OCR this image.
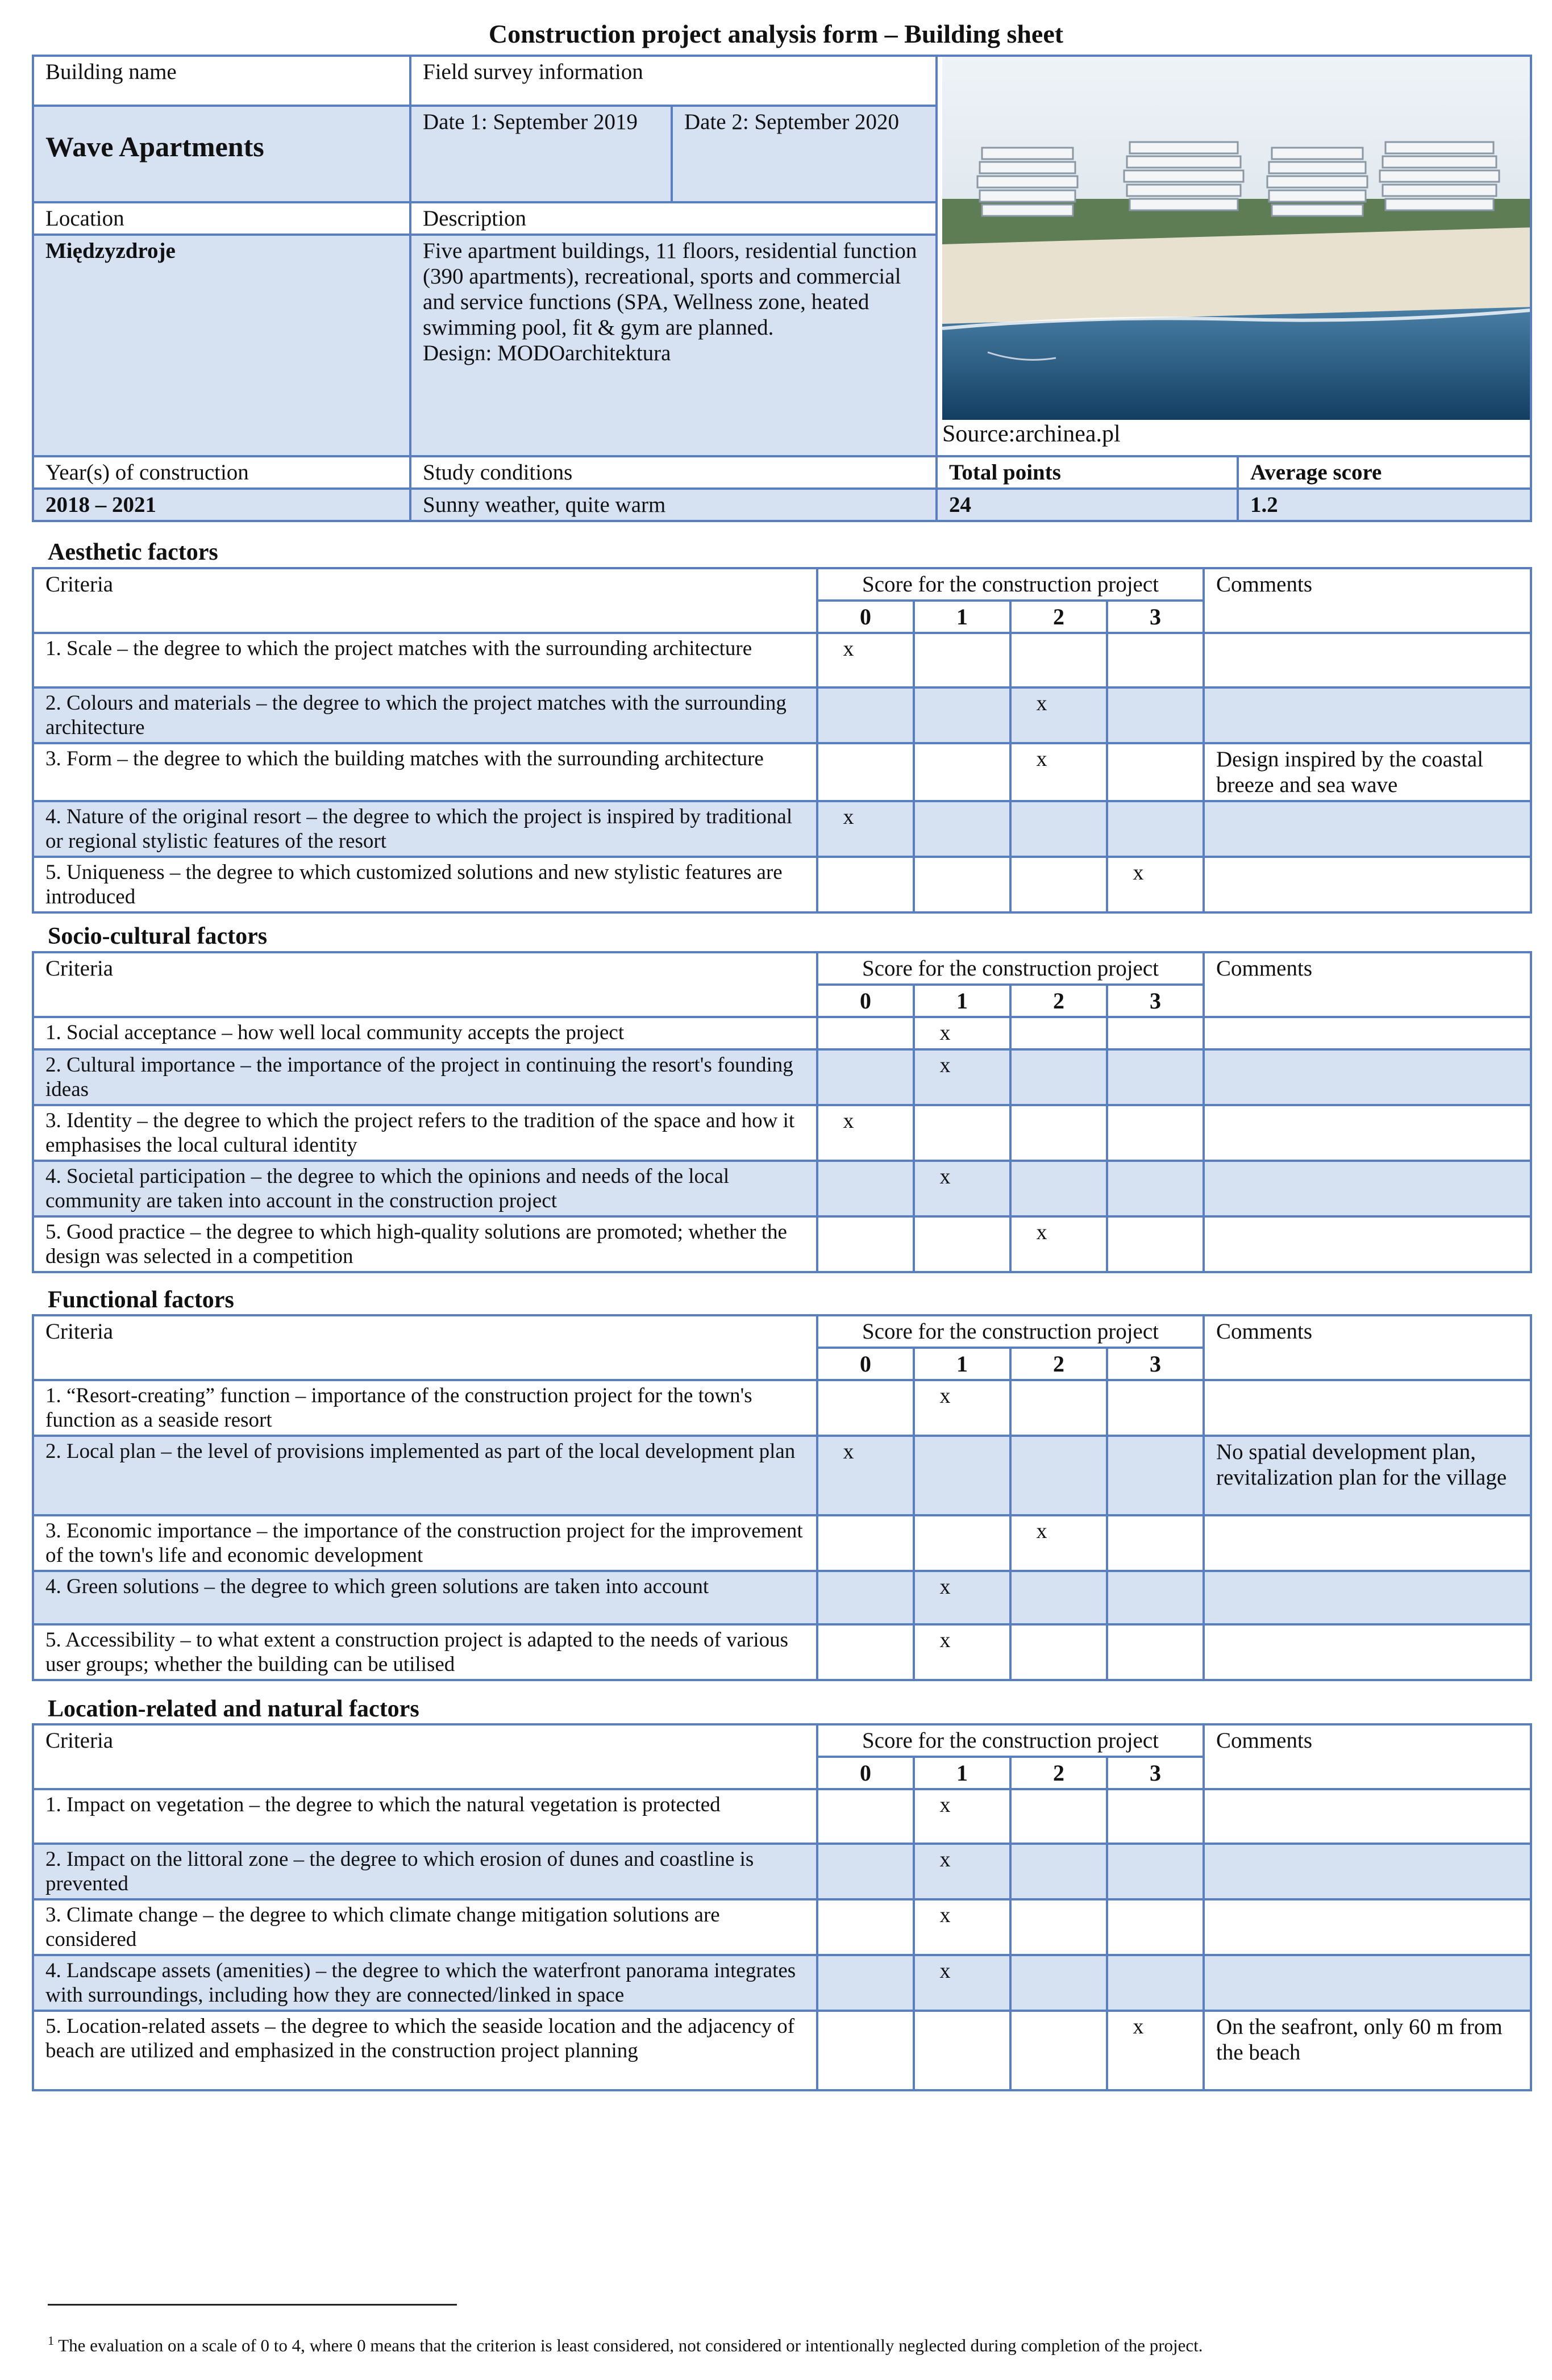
Construction project analysis form – Building sheet
Building name	Field survey information		Source:archinea.pl	

Wave Apartments	Date 1: September 2019	Date 2: September 2020		
Location	Description			
Międzyzdroje	Five apartment buildings, 11 floors, residential function (390 apartments), recreational, sports and commercial and service functions (SPA, Wellness zone, heated swimming pool, fit & gym are planned.
Design: MODOarchitektura			

Year(s) of construction	Study conditions		Total points	Average score
2018 – 2021	Sunny weather, quite warm		24	1.2
Aesthetic factors
Criteria	Score for the construction project				Comments
	0	1	2	3	
1. Scale – the degree to which the project matches with the surrounding architecture	x				
2. Colours and materials – the degree to which the project matches with the surrounding architecture			x		
3. Form – the degree to which the building matches with the surrounding architecture			x		Design inspired by the coastal breeze and sea wave
4. Nature of the original resort – the degree to which the project is inspired by traditional or regional stylistic features of the resort	x				
5. Uniqueness – the degree to which customized solutions and new stylistic features are introduced				x	
Socio-cultural factors
Criteria	Score for the construction project				Comments
	0	1	2	3	
1. Social acceptance – how well local community accepts the project		x			
2. Cultural importance – the importance of the project in continuing the resort's founding ideas		x			
3. Identity – the degree to which the project refers to the tradition of the space and how it emphasises the local cultural identity	x				
4. Societal participation – the degree to which the opinions and needs of the local community are taken into account in the construction project		x			
5. Good practice – the degree to which high-quality solutions are promoted; whether the design was selected in a competition			x		
Functional factors
Criteria	Score for the construction project				Comments
	0	1	2	3	
1. “Resort-creating” function – importance of the construction project for the town's function as a seaside resort		x			
2. Local plan – the level of provisions implemented as part of the local development plan	x				No spatial development plan, revitalization plan for the village
3. Economic importance – the importance of the construction project for the improvement of the town's life and economic development			x		
4. Green solutions – the degree to which green solutions are taken into account		x			
5. Accessibility – to what extent a construction project is adapted to the needs of various user groups; whether the building can be utilised		x			
Location-related and natural factors
Criteria	Score for the construction project				Comments
	0	1	2	3	
1. Impact on vegetation – the degree to which the natural vegetation is protected		x			
2. Impact on the littoral zone – the degree to which erosion of dunes and coastline is prevented		x			
3. Climate change – the degree to which climate change mitigation solutions are considered		x			
4. Landscape assets (amenities) – the degree to which the waterfront panorama integrates with surroundings, including how they are connected/linked in space		x			
5. Location-related assets – the degree to which the seaside location and the adjacency of beach are utilized and emphasized in the construction project planning				x	On the seafront, only 60 m from the beach
$^1$ The evaluation on a scale of 0 to 4, where 0 means that the criterion is least considered, not considered or intentionally neglected during completion of the project.
